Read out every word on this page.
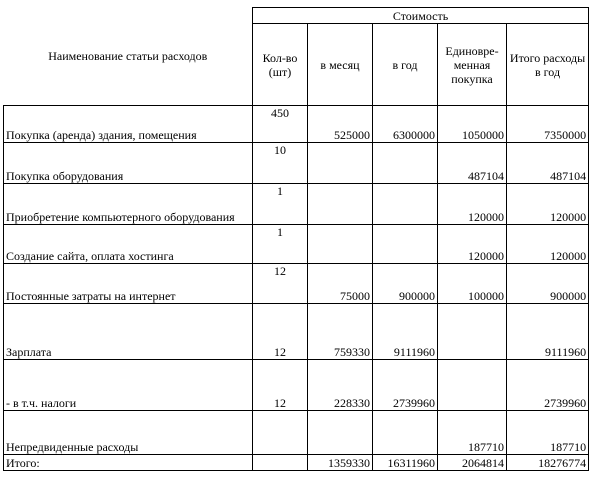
Наименование статьи расходов	Стоимость				
	Кол-во (шт)	в месяц	в год	Единовре-менная покупка	Итого расходы в год
Покупка (аренда) здания, помещения	450	525000	6300000	1050000	7350000
Покупка оборудования	10			487104	487104
Приобретение компьютерного оборудования	1			120000	120000
Создание сайта, оплата хостинга	1			120000	120000
Постоянные затраты на интернет	12	75000	900000	100000	900000
Зарплата	12	759330	9111960		9111960
- в т.ч. налоги	12	228330	2739960		2739960
Непредвиденные расходы				187710	187710
Итого:		1359330	16311960	2064814	18276774
